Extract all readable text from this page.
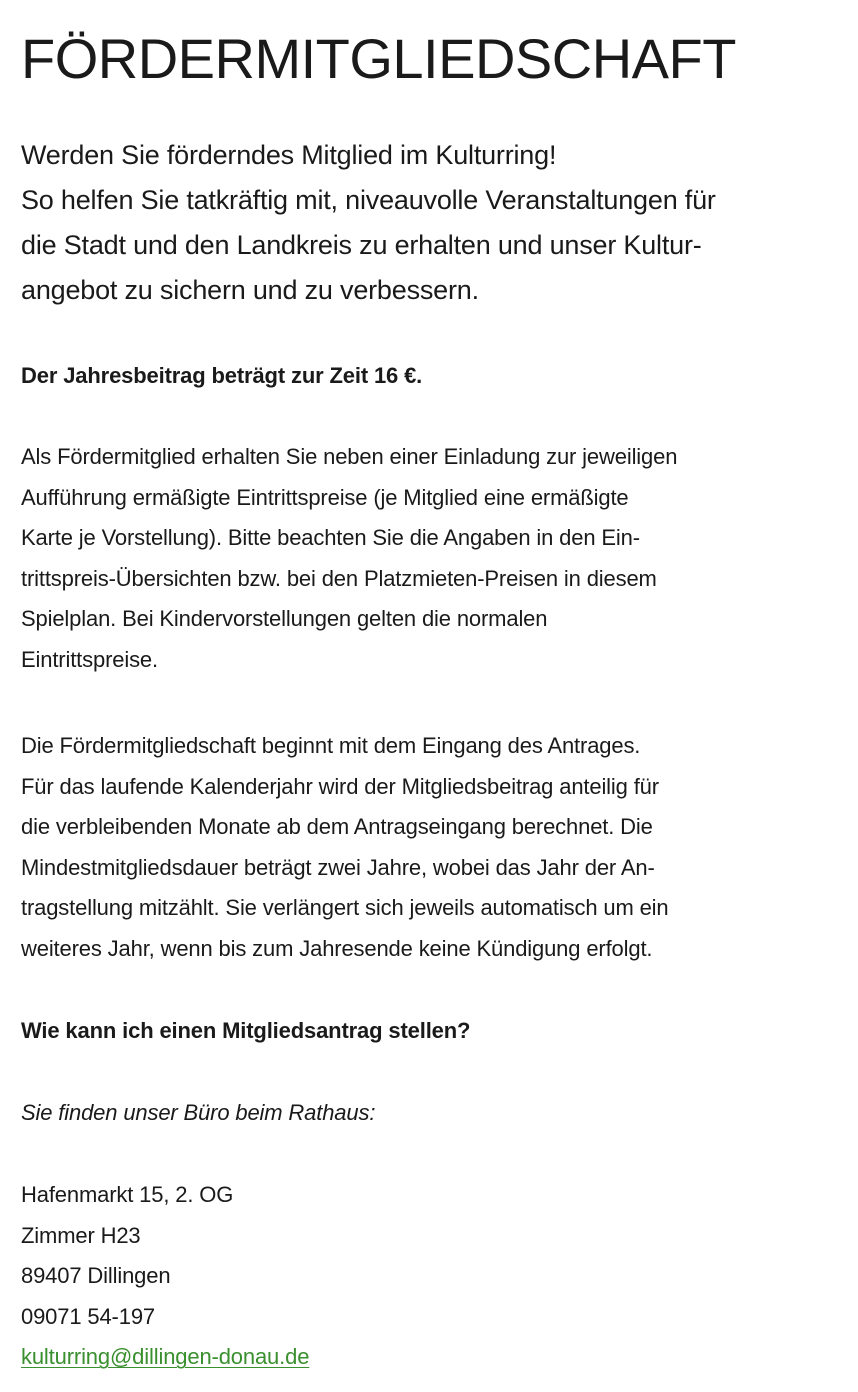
FÖRDERMITGLIEDSCHAFT
Werden Sie förderndes Mitglied im Kulturring!
So helfen Sie tatkräftig mit, niveauvolle Veranstaltungen für
die Stadt und den Landkreis zu erhalten und unser Kultur-
angebot zu sichern und zu verbessern.
Der Jahresbeitrag beträgt zur Zeit 16 €.
Als Fördermitglied erhalten Sie neben einer Einladung zur jeweiligen
Aufführung ermäßigte Eintrittspreise (je Mitglied eine ermäßigte
Karte je Vorstellung). Bitte beachten Sie die Angaben in den Ein-
trittspreis-Übersichten bzw. bei den Platzmieten-Preisen in diesem
Spielplan. Bei Kindervorstellungen gelten die normalen
Eintrittspreise.
Die Fördermitgliedschaft beginnt mit dem Eingang des Antrages.
Für das laufende Kalenderjahr wird der Mitgliedsbeitrag anteilig für
die verbleibenden Monate ab dem Antragseingang berechnet. Die
Mindestmitgliedsdauer beträgt zwei Jahre, wobei das Jahr der An-
tragstellung mitzählt. Sie verlängert sich jeweils automatisch um ein
weiteres Jahr, wenn bis zum Jahresende keine Kündigung erfolgt.
Wie kann ich einen Mitgliedsantrag stellen?
Sie finden unser Büro beim Rathaus:
Hafenmarkt 15, 2. OG
Zimmer H23
89407 Dillingen
09071 54-197
kulturring@dillingen-donau.de
